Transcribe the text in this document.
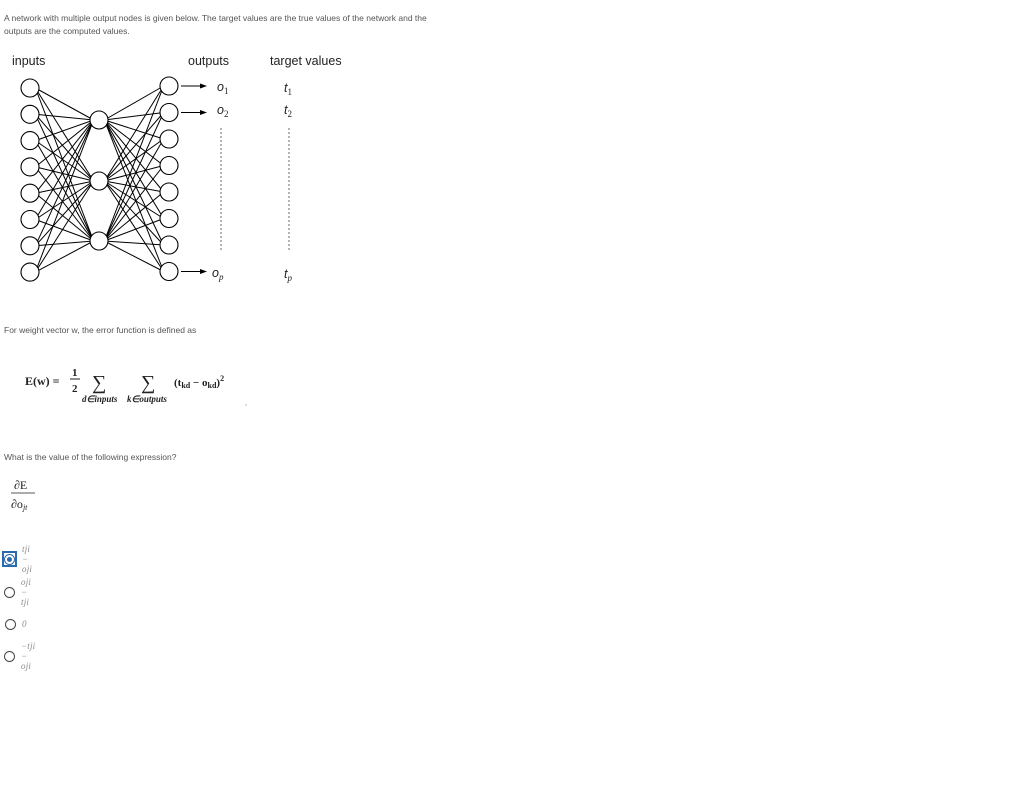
A network with multiple output nodes is given below. The target values are the true values of the network and the
outputs are the computed values.
inputs	outputs	target values
$o_1$
$o_2$
$o_p$
$t_1$
$t_2$
$t_p$
For weight vector w, the error function is defined as
E(w) =
1
2 ∑ ∑
d∈inputs k∈outputs
(tkd − okd)$^2$
What is the value of the following expression?
∂E
∂ojt
tji − oji
oji − tji
0
−tji − oji
